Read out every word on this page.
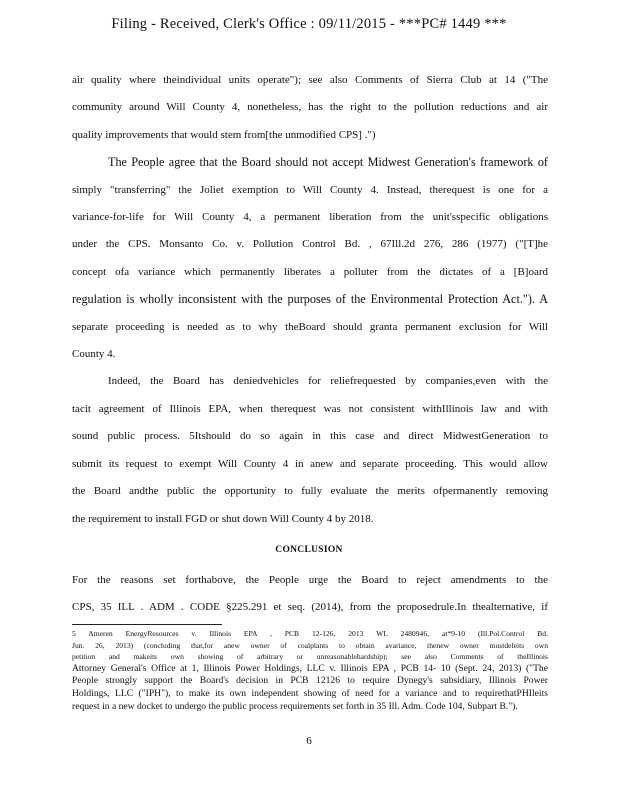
Filing - Received, Clerk's Office : 09/11/2015 - ***PC# 1449 ***
air quality where theindividual units operate"); see also Comments of Sierra Club at 14 ("The
community around Will County 4, nonetheless, has the right to the pollution reductions and air
quality improvements that would stem from[the unmodified CPS] .")
The People agree that the Board should not accept Midwest Generation's framework of
simply "transferring" the Joliet exemption to Will County 4. Instead, therequest is one for a
variance-for-life for Will County 4, a permanent liberation from the unit'sspecific obligations
under the CPS. Monsanto Co. v. Pollution Control Bd. , 67Ill.2d 276, 286 (1977) ("[T]he
concept ofa variance which permanently liberates a polluter from the dictates of a [B]oard
regulation is wholly inconsistent with the purposes of the Environmental Protection Act."). A
separate proceeding is needed as to why theBoard should granta permanent exclusion for Will
County 4.
Indeed, the Board has deniedvehicles for reliefrequested by companies,even with the
tacit agreement of Illinois EPA, when therequest was not consistent withIllinois law and with
sound public process. 5Itshould do so again in this case and direct MidwestGeneration to
submit its request to exempt Will County 4 in anew and separate proceeding. This would allow
the Board andthe public the opportunity to fully evaluate the merits ofpermanently removing
the requirement to install FGD or shut down Will County 4 by 2018.
CONCLUSION
For the reasons set forthabove, the People urge the Board to reject amendments to the
CPS, 35 ILL . ADM . CODE §225.291 et seq. (2014), from the proposedrule.In thealternative, if
5 Ameren EnergyResources v. Illinois EPA , PCB 12-126, 2013 WL 2480946, at*9-10 (Ill.Pol.Control Bd.
Jun. 26, 2013) (concluding that,for anew owner of coalplants to obtain avariance, thenew owner mustdeleits own
petition and makeits own showing of arbitrary or unreasonablehardship); see also Comments of theIllinois
Attorney General's Office at 1, Illinois Power Holdings, LLC v. Illinois EPA , PCB 14- 10 (Sept. 24, 2013) ("The
People strongly support the Board's decision in PCB 12126 to require Dynegy's subsidiary, Illinois Power
Holdings, LLC ("IPH"), to make its own independent showing of need for a variance and to requirethatPHIleits
request in a new docket to undergo the public process requirements set forth in 35 Ill. Adm. Code 104, Subpart B.").
6
